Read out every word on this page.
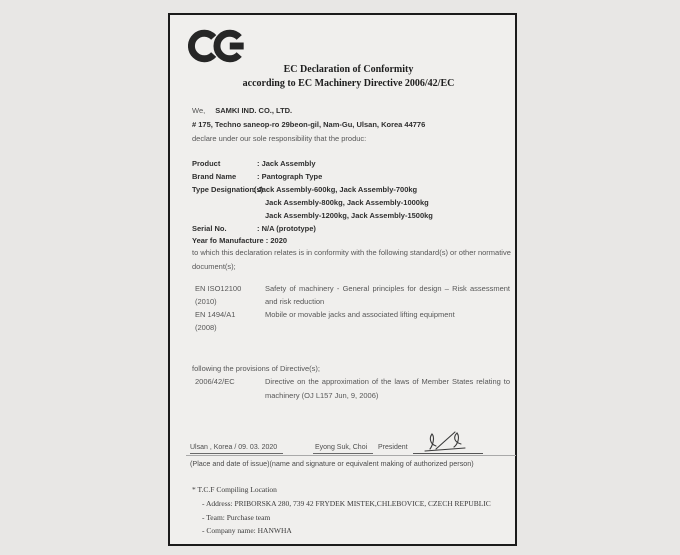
EC Declaration of Conformity
according to EC Machinery Directive 2006/42/EC
We, SAMKI IND. CO., LTD.
# 175, Techno saneop-ro 29beon-gil, Nam-Gu, Ulsan, Korea 44776
declare under our sole responsibility that the produc:
Product	: Jack Assembly
Brand Name	: Pantograph Type
Type Designation(s)
: Jack Assembly-600kg, Jack Assembly-700kg
Jack Assembly-800kg, Jack Assembly-1000kg
Jack Assembly-1200kg, Jack Assembly-1500kg
Serial No.	: N/A (prototype)
Year fo Manufacture : 2020
to which this declaration relates is in conformity with the following standard(s) or other normative
document(s);
EN ISO12100	Safety of machinery - General principles for design – Risk assessment
(2010)	and risk reduction
EN 1494/A1	Mobile or movable jacks and associated lifting equipment
(2008)
following the provisions of Directive(s);
2006/42/EC	Directive on the approximation of the laws of Member States relating to
machinery (OJ L157 Jun, 9, 2006)
Ulsan , Korea / 09. 03. 2020	Eyong Suk, Choi	President
(Place and date of issue)(name and signature or equivalent making of authorized person)
* T.C.F Compiling Location
- Address: PRIBORSKA 280, 739 42 FRYDEK MISTEK,CHLEBOVICE, CZECH REPUBLIC
- Team: Purchase team
- Company name: HANWHA
